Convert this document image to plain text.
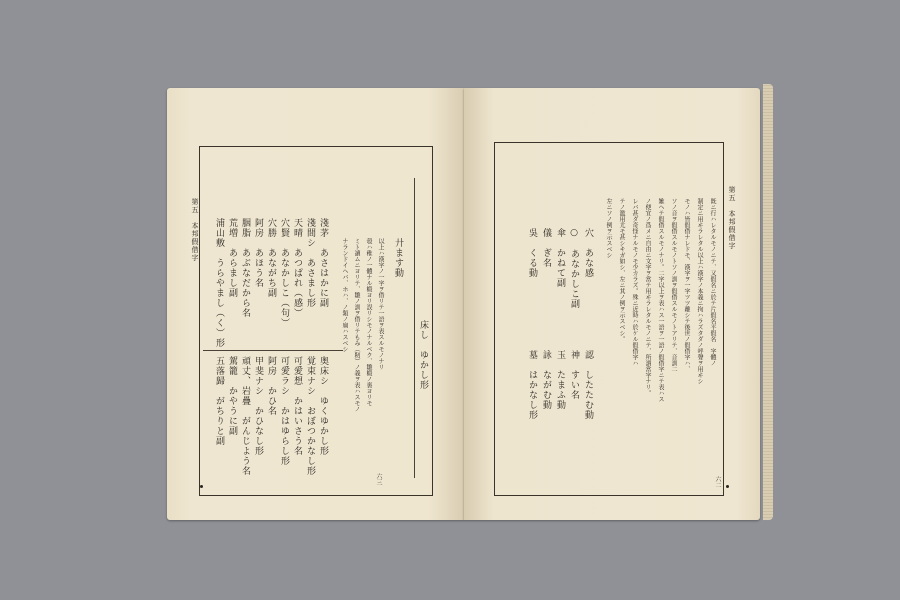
第五　本邦假借字	廾ます動
以上ハ漢字ノ一字ヲ借リテ一語ヲ表スルモノナリ
彀ハ稚ノ一體ナル椴ヨリ誤リシモノナルベク、雛椴ノ裏ヨリモ
ミト讀ムニヨリテ、雛ノ訓ヲ借リテもみ（籾）ノ義ヲ表ハスモノ
ナランドイヘバ、ホハ、ノ類ノ扁ハスベシ
床し　ゆかし形
淺茅　あさはかに副
淺間シ　あさまし形
天晴　あつぱれ（感）
穴賢　あなかしこ（句）
穴勝　あながち副
阿房　あほう名
胭脂　あぶなだから名
荒増　あらまし副
浦山敷　うらやまし（く）形
奥床シ　ゆくゆかし形
覚束ナシ　おぼつかなし形
可愛想　かはいさう名
可愛ラシ　かはゆらし形
阿房　かひ名
甲斐ナシ　かひなし形
頑丈、岩疊　がんじよう名
駕籠　かやうに副
五落歸　がちりと副
六三
第五　本邦假借字
既ニ行ハレタルモノニテ、又假名ニ於テ片假名平假名　字體ノ
制定ニ用ヰラレタル以上ハ漢字ノ本義ニ拘ハラズタダノ呼聲ヲ用ヰシ
モノハ皆假借ナレドモ、漢字ヲ一字ツツ離シテ後世ノ假借字ハ、
ソノ音ヲ假借スルモノトソノ訓ヲ假借スルモノトアリテ、音訓二
雑ヘテ假借スルモノナリ。二字以上ヲ表ハス一語ヲ一語ノ假借字ニテ表ハス
ノ便宜ノ爲メニ自由ニ文字ヲ當テ用ヰラレタルモノニテ、所謂當字ナリ。
レバ甚ダ奇怪ナルモノモ少カラズ。殊ニ近時ハ於ケル假借字ハ
テノ濫用尤モ甚シキガ如シ、左ニ其ノ例ヲ示スベシ。
左ニソノ例ヲ示スベシ
穴　あな感
○　あなかしこ副
傘　かねて副
儀　ぎ名
吳　くる動
認　したたむ動
神　すい名
玉　たまふ動
詠　ながむ動
墓　はかなし形
六二
